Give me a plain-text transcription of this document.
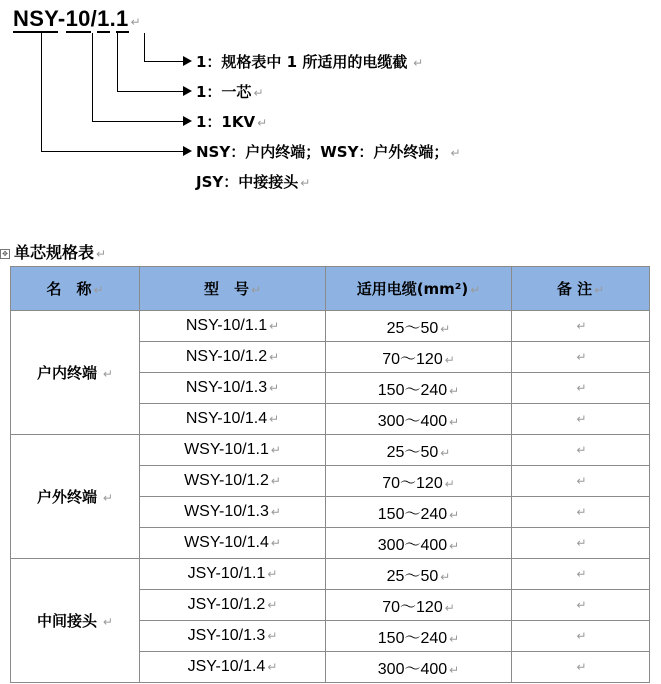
NSY-10/1.1 ↵
1：规格表中 1 所适用的电缆截 ↵
1：一芯 ↵
1：1KV ↵
NSY：户内终端；WSY：户外终端； ↵
JSY：中接接头 ↵
✥ 单芯规格表 ↵
名　称 ↵	型　号 ↵	适用电缆(mm²) ↵	备 注 ↵
户内终端 ↵	NSY-10/1.1 ↵	25～50 ↵	↵
	NSY-10/1.2 ↵	70～120 ↵	↵
	NSY-10/1.3 ↵	150～240 ↵	↵
	NSY-10/1.4 ↵	300～400 ↵	↵
户外终端 ↵	WSY-10/1.1 ↵	25～50 ↵	↵
	WSY-10/1.2 ↵	70～120 ↵	↵
	WSY-10/1.3 ↵	150～240 ↵	↵
	WSY-10/1.4 ↵	300～400 ↵	↵
中间接头 ↵	JSY-10/1.1 ↵	25～50 ↵	↵
	JSY-10/1.2 ↵	70～120 ↵	↵
	JSY-10/1.3 ↵	150～240 ↵	↵
	JSY-10/1.4 ↵	300～400 ↵	↵
